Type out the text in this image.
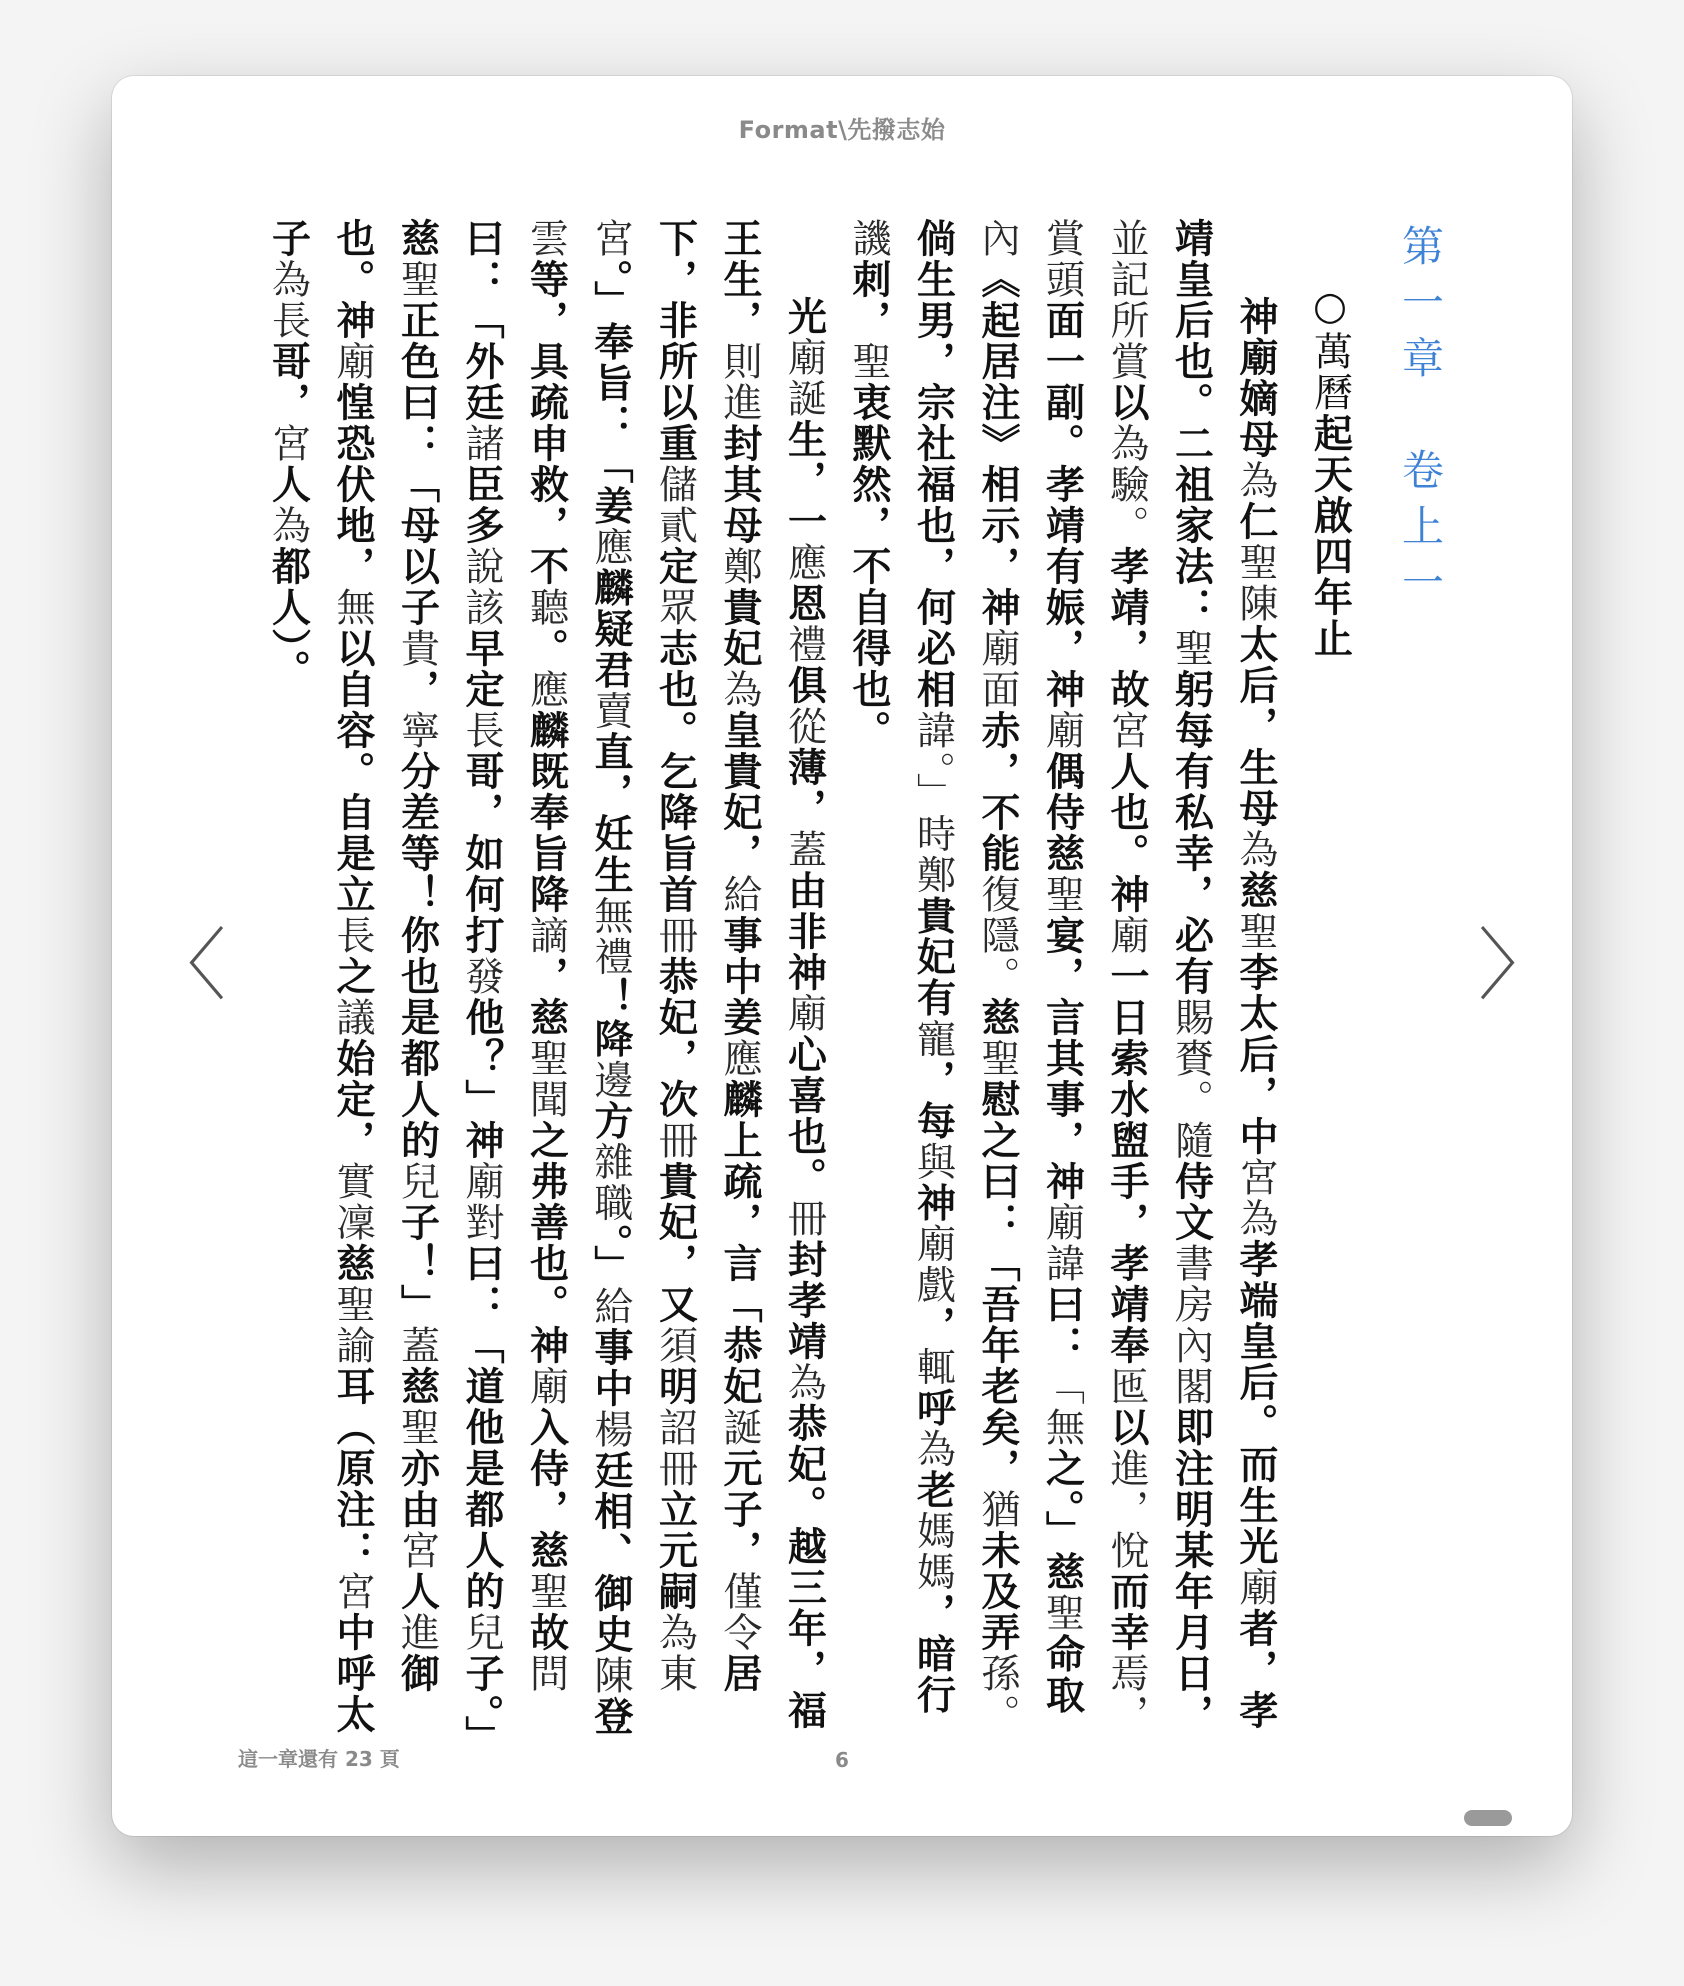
Format\先撥志始
〈	〉
第一章　卷上一
○萬曆起天啟四年止
神廟嫡母為仁聖陳太后，生母為慈聖李太后，中宮為孝端皇后。而生光廟者，孝靖皇后也。二祖家法：聖躬每有私幸，必有賜賚。隨侍文書房內閣即注明某年月日，並記所賞以為驗。孝靖，故宮人也。神廟一日索水盥手，孝靖奉匜以進，悅而幸焉，賞頭面一副。孝靖有娠，神廟偶侍慈聖宴，言其事，神廟諱曰：「無之。」慈聖命取內《起居注》相示，神廟面赤，不能復隱。慈聖慰之曰：「吾年老矣，猶未及弄孫。倘生男，宗社福也，何必相諱。」時鄭貴妃有寵，每與神廟戲，輒呼為老媽媽，暗行譏刺，聖衷默然，不自得也。
光廟誕生，一應恩禮俱從薄，蓋由非神廟心喜也。冊封孝靖為恭妃。越三年，福王生，則進封其母鄭貴妃為皇貴妃，給事中姜應麟上疏，言「恭妃誕元子，僅令居下，非所以重儲貳定眾志也。乞降旨首冊恭妃，次冊貴妃，又須明詔冊立元嗣為東宮。」奉旨：「姜應麟疑君賣直，妊生無禮！降邊方雜職。」給事中楊廷相、御史陳登雲等，具疏申救，不聽。應麟既奉旨降謫，慈聖聞之弗善也。神廟入侍，慈聖故問曰：「外廷諸臣多說該早定長哥，如何打發他？」神廟對曰：「道他是都人的兒子。」慈聖正色曰：「母以子貴，寧分差等！你也是都人的兒子！」蓋慈聖亦由宮人進御也。神廟惶恐伏地，無以自容。自是立長之議始定，實凜慈聖諭耳（原注：宮中呼太子為長哥，宮人為都人）。
這一章還有 23 頁	6
